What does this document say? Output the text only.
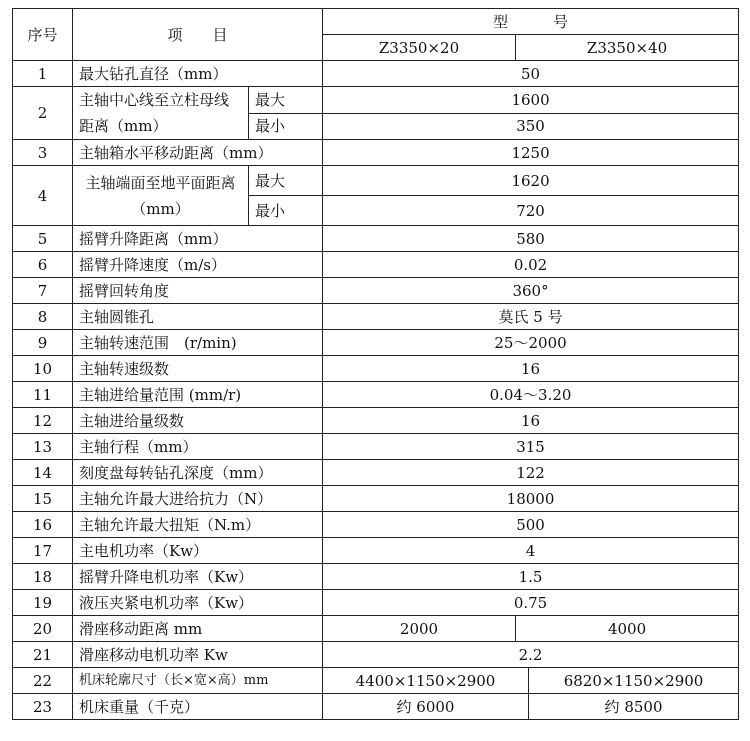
序号	项　　目		型　　　号		
			Z3350×20	Z3350×40	
1	最大钻孔直径（mm）		50		
2	主轴中心线至立柱母线距离（mm）	最大	1600		
		最小	350		
3	主轴箱水平移动距离（mm）		1250		
4	主轴端面至地平面距离（mm）	最大	1620		
		最小	720		
5	摇臂升降距离（mm）		580		
6	摇臂升降速度（m/s）		0.02		
7	摇臂回转角度		360°		
8	主轴圆锥孔		莫氏 5 号		
9	主轴转速范围　(r/min)		25～2000		
10	主轴转速级数		16		
11	主轴进给量范围 (mm/r)		0.04～3.20		
12	主轴进给量级数		16		
13	主轴行程（mm）		315		
14	刻度盘每转钻孔深度（mm）		122		
15	主轴允许最大进给抗力（N）		18000		
16	主轴允许最大扭矩（N.m）		500		
17	主电机功率（Kw）		4		
18	摇臂升降电机功率（Kw）		1.5		
19	液压夹紧电机功率（Kw）		0.75		
20	滑座移动距离 mm		2000	4000	
21	滑座移动电机功率 Kw		2.2		
22	机床轮廓尺寸（长×宽×高）mm		4400×1150×2900		6820×1150×2900
23	机床重量（千克）		约 6000		约 8500
